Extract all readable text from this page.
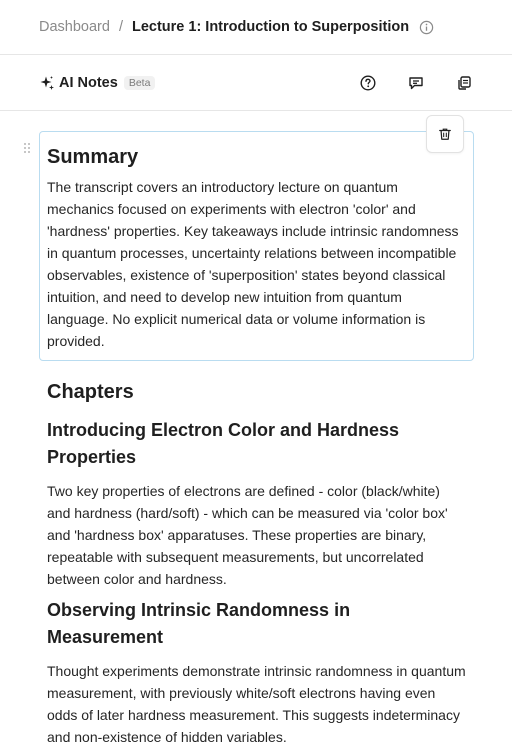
Dashboard / Lecture 1: Introduction to Superposition
AI Notes	Beta
Summary

The transcript covers an introductory lecture on quantum mechanics focused on experiments with electron 'color' and 'hardness' properties. Key takeaways include intrinsic randomness in quantum processes, uncertainty relations between incompatible observables, existence of 'superposition' states beyond classical intuition, and need to develop new intuition from quantum language. No explicit numerical data or volume information is provided.

Chapters
Introducing Electron Color and Hardness Properties

Two key properties of electrons are defined - color (black/white) and hardness (hard/soft) - which can be measured via 'color box' and 'hardness box' apparatuses. These properties are binary, repeatable with subsequent measurements, but uncorrelated between color and hardness.

Observing Intrinsic Randomness in Measurement

Thought experiments demonstrate intrinsic randomness in quantum measurement, with previously white/soft electrons having even odds of later hardness measurement. This suggests indeterminacy and non-existence of hidden variables.
